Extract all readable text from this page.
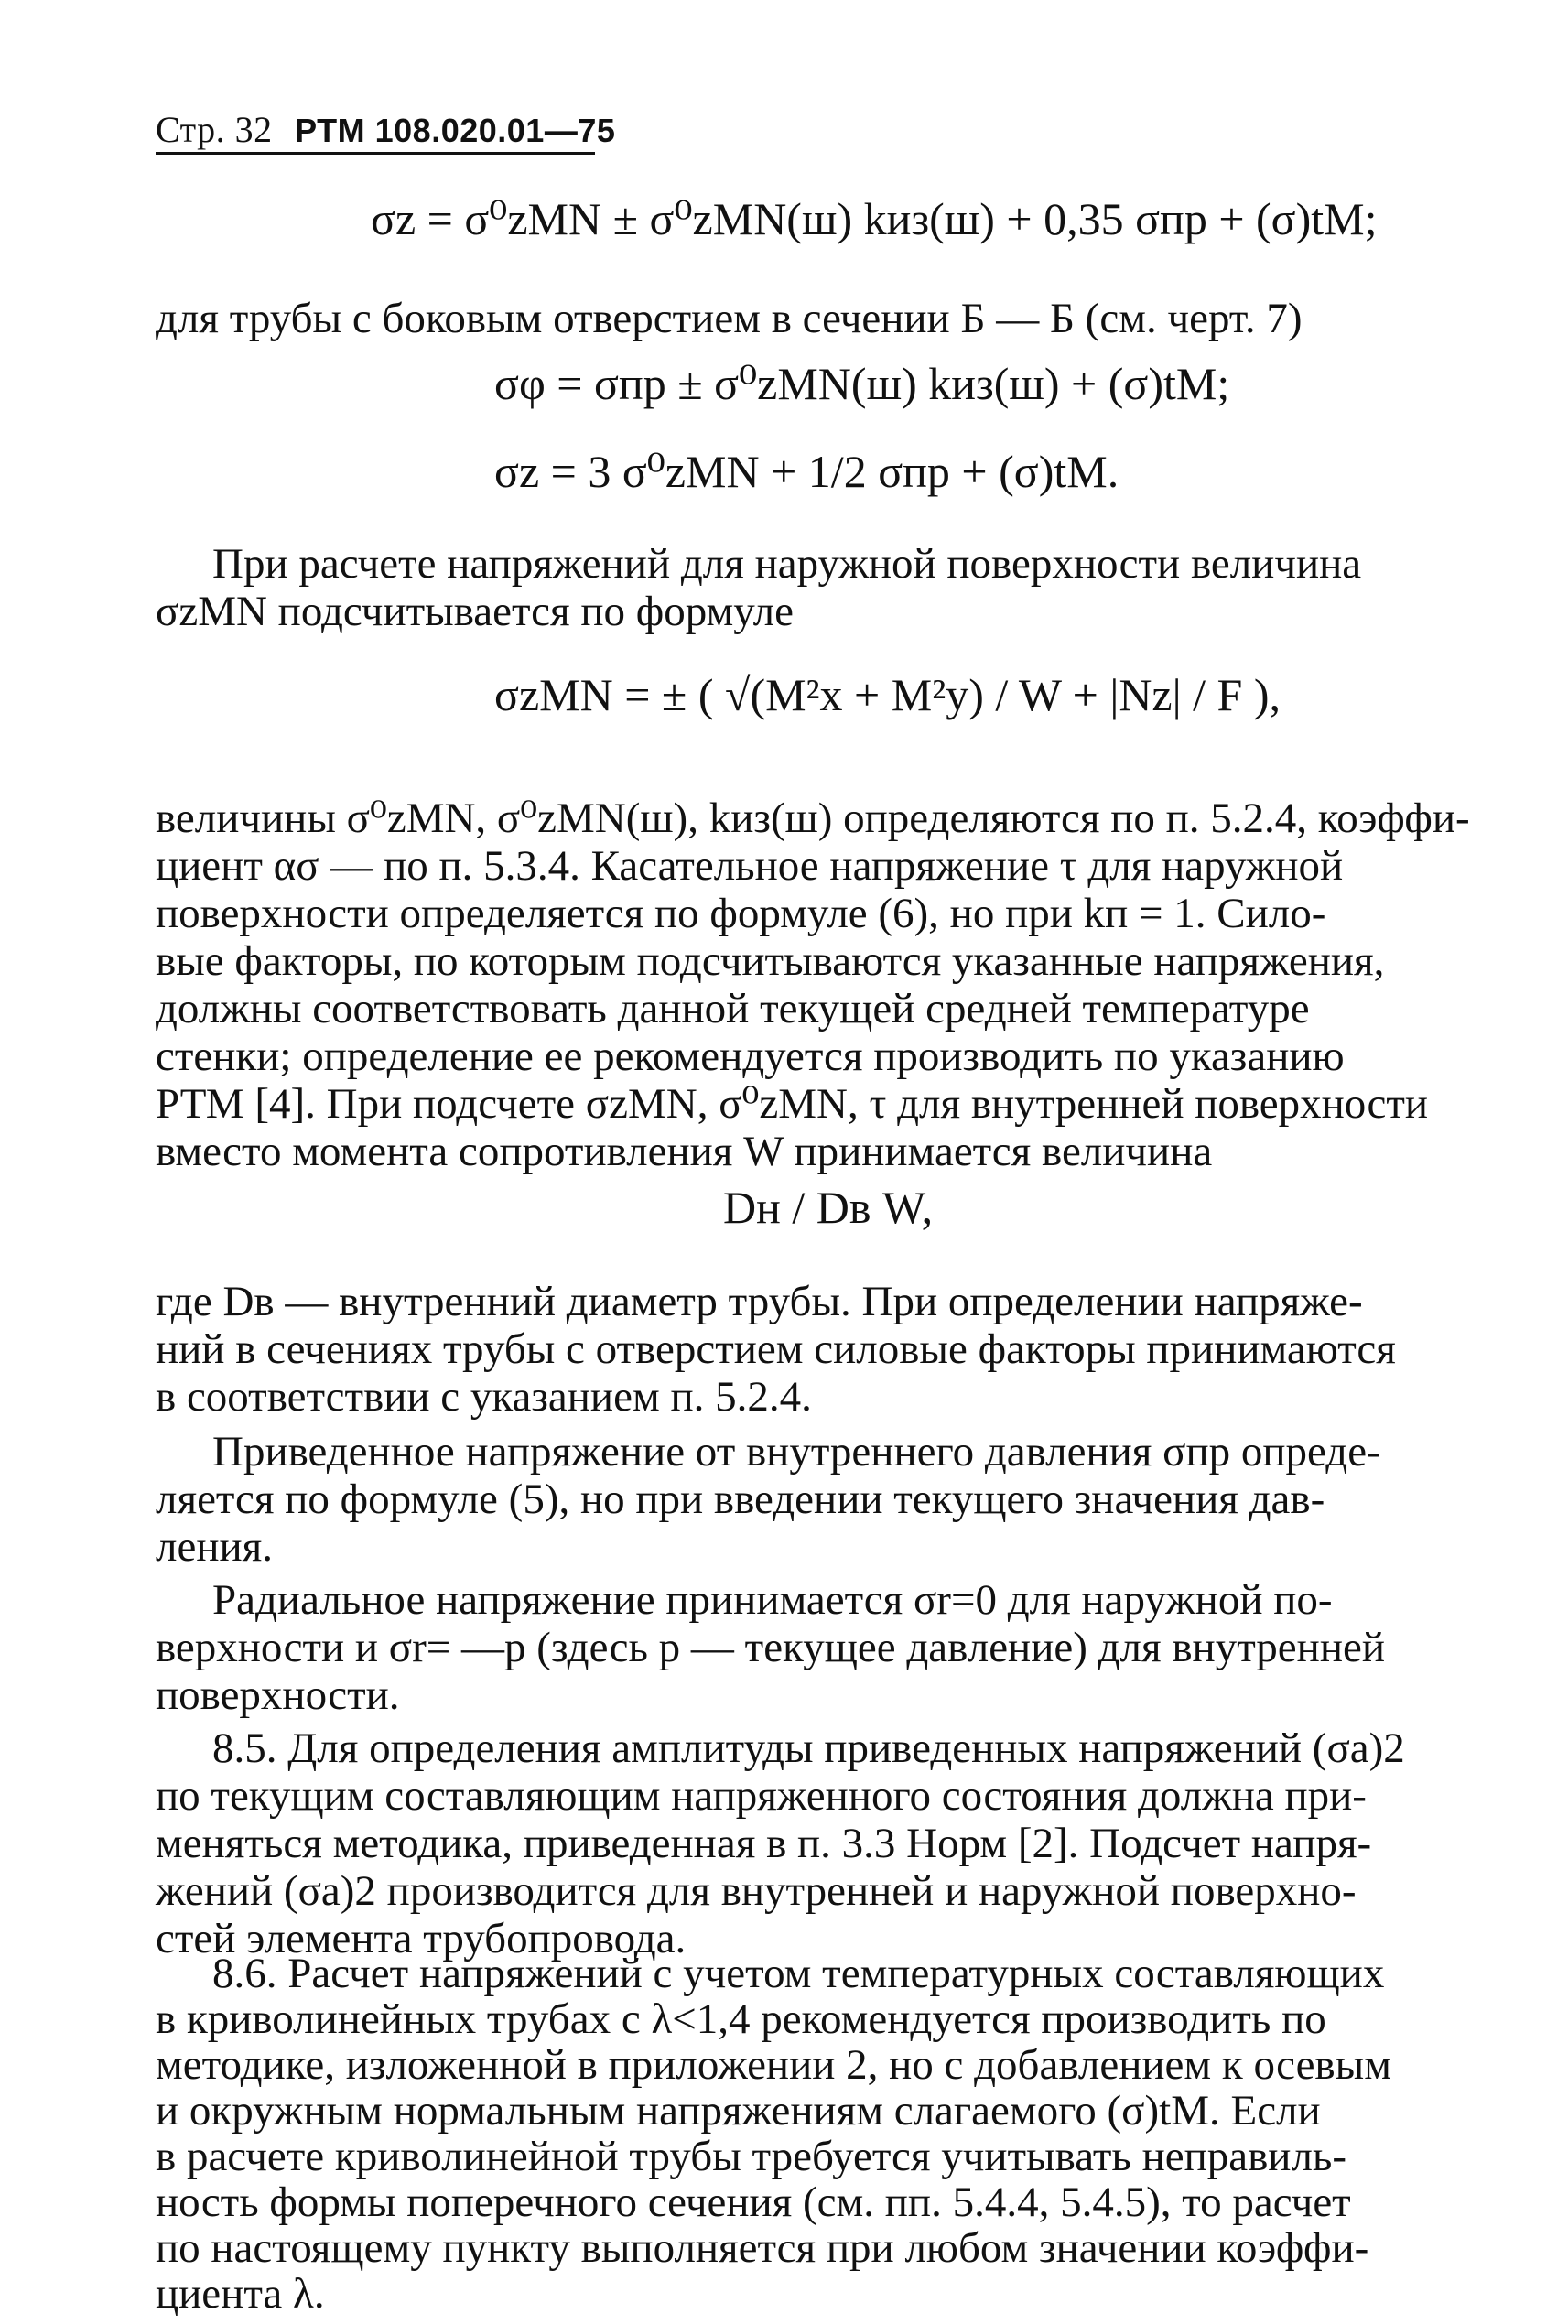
Стр. 32 РТМ 108.020.01—75
σz = σ⁰zMN ± σ⁰zMN(ш) kиз(ш) + 0,35 σпр + (σ)tM;
для трубы с боковым отверстием в сечении Б — Б (см. черт. 7)
σφ = σпр ± σ⁰zMN(ш) kиз(ш) + (σ)tM;
σz = 3 σ⁰zMN + 1/2 σпр + (σ)tM.
При расчете напряжений для наружной поверхности величина
σzMN подсчитывается по формуле
σzMN = ± ( √(M²x + M²y) / W + |Nz| / F ),
величины σ⁰zMN, σ⁰zMN(ш), kиз(ш) определяются по п. 5.2.4, коэффи-
циент ασ — по п. 5.3.4. Касательное напряжение τ для наружной
поверхности определяется по формуле (6), но при kп = 1. Сило-
вые факторы, по которым подсчитываются указанные напряжения,
должны соответствовать данной текущей средней температуре
стенки; определение ее рекомендуется производить по указанию
РТМ [4]. При подсчете σzMN, σ⁰zMN, τ для внутренней поверхности
вместо момента сопротивления W принимается величина
Dн / Dв W,
где Dв — внутренний диаметр трубы. При определении напряже-
ний в сечениях трубы с отверстием силовые факторы принимаются
в соответствии с указанием п. 5.2.4.
Приведенное напряжение от внутреннего давления σпр опреде-
ляется по формуле (5), но при введении текущего значения дав-
ления.
Радиальное напряжение принимается σr=0 для наружной по-
верхности и σr= —p (здесь p — текущее давление) для внутренней
поверхности.
8.5. Для определения амплитуды приведенных напряжений (σa)2
по текущим составляющим напряженного состояния должна при-
меняться методика, приведенная в п. 3.3 Норм [2]. Подсчет напря-
жений (σa)2 производится для внутренней и наружной поверхно-
стей элемента трубопровода.
8.6. Расчет напряжений с учетом температурных составляющих
в криволинейных трубах с λ<1,4 рекомендуется производить по
методике, изложенной в приложении 2, но с добавлением к осевым
и окружным нормальным напряжениям слагаемого (σ)tM. Если
в расчете криволинейной трубы требуется учитывать неправиль-
ность формы поперечного сечения (см. пп. 5.4.4, 5.4.5), то расчет
по настоящему пункту выполняется при любом значении коэффи-
циента λ.
